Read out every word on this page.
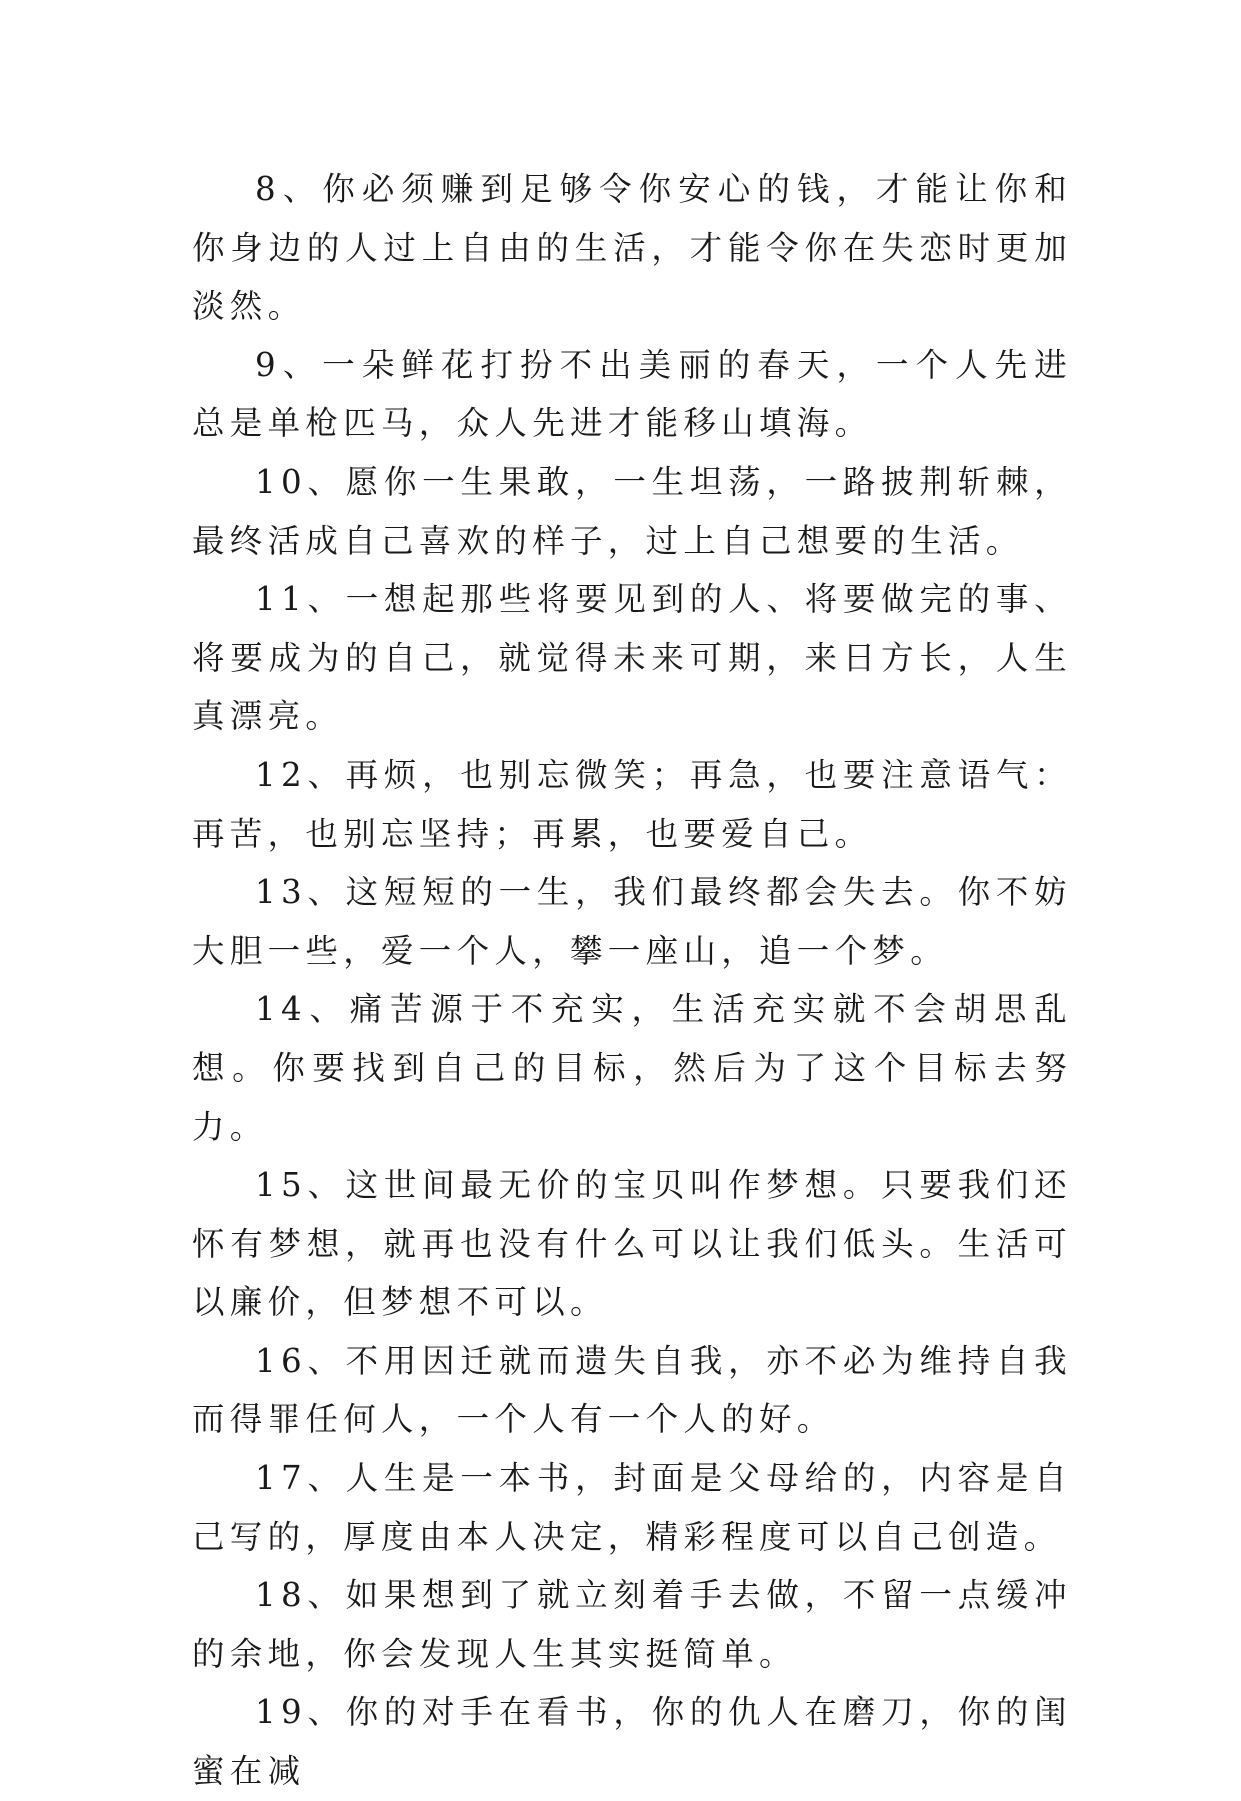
8、你必须赚到足够令你安心的钱，才能让你和你身边的人过上自由的生活，才能令你在失恋时更加淡然。

9、一朵鲜花打扮不出美丽的春天，一个人先进总是单枪匹马，众人先进才能移山填海。

10、愿你一生果敢，一生坦荡，一路披荆斩棘，最终活成自己喜欢的样子，过上自己想要的生活。

11、一想起那些将要见到的人、将要做完的事、将要成为的自己，就觉得未来可期，来日方长，人生真漂亮。

12、再烦，也别忘微笑；再急，也要注意语气：再苦，也别忘坚持；再累，也要爱自己。

13、这短短的一生，我们最终都会失去。你不妨大胆一些，爱一个人，攀一座山，追一个梦。

14、痛苦源于不充实，生活充实就不会胡思乱想。你要找到自己的目标，然后为了这个目标去努力。

15、这世间最无价的宝贝叫作梦想。只要我们还怀有梦想，就再也没有什么可以让我们低头。生活可以廉价，但梦想不可以。

16、不用因迁就而遗失自我，亦不必为维持自我而得罪任何人，一个人有一个人的好。

17、人生是一本书，封面是父母给的，内容是自己写的，厚度由本人决定，精彩程度可以自己创造。

18、如果想到了就立刻着手去做，不留一点缓冲的余地，你会发现人生其实挺简单。

19、你的对手在看书，你的仇人在磨刀，你的闺蜜在减
